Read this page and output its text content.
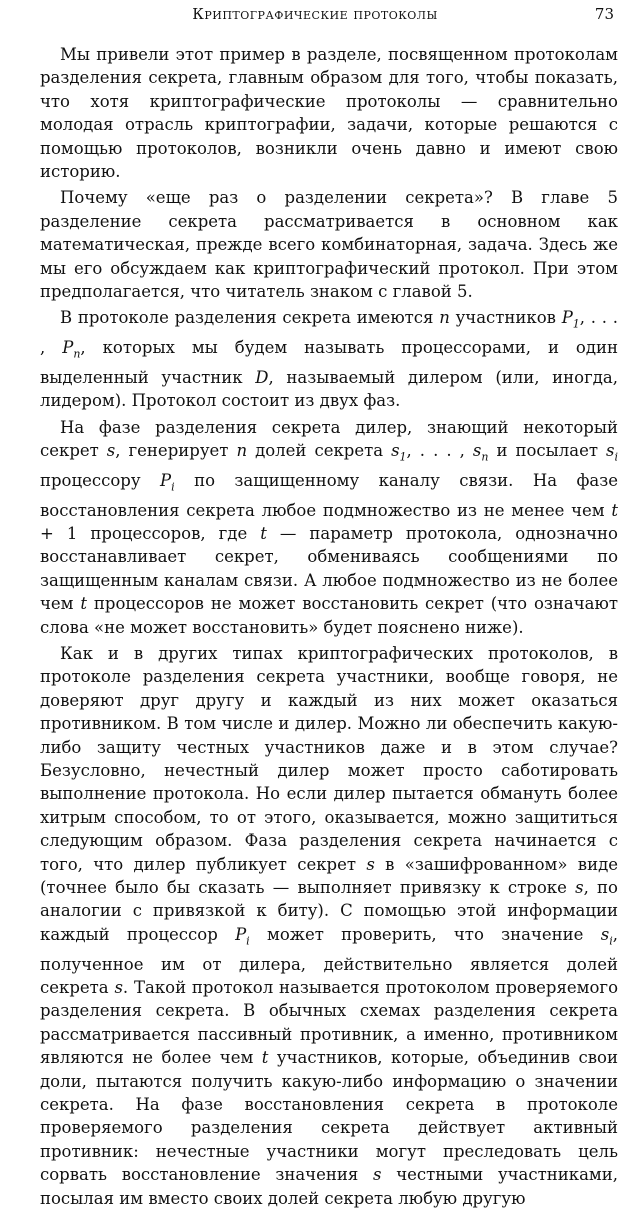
Криптографические протоколы	73

Мы привели этот пример в разделе, посвященном протоколам разделения секрета, главным образом для того, чтобы показать, что хотя криптографические протоколы — сравнительно молодая отрасль криптографии, задачи, которые решаются с помощью протоколов, возникли очень давно и имеют свою историю.

Почему «еще раз о разделении секрета»? В главе 5 разделение секрета рассматривается в основном как математическая, прежде всего комбинаторная, задача. Здесь же мы его обсуждаем как криптографический протокол. При этом предполагается, что читатель знаком с главой 5.

В протоколе разделения секрета имеются n участников $P_1$, . . . , $P_n$, которых мы будем называть процессорами, и один выделенный участник D, называемый дилером (или, иногда, лидером). Протокол состоит из двух фаз.

На фазе разделения секрета дилер, знающий некоторый секрет s, генерирует n долей секрета $s_1$, . . . , $s_n$ и посылает $s_i$ процессору $P_i$ по защищенному каналу связи. На фазе восстановления секрета любое подмножество из не менее чем t + 1 процессоров, где t — параметр протокола, однозначно восстанавливает секрет, обмениваясь сообщениями по защищенным каналам связи. А любое подмножество из не более чем t процессоров не может восстановить секрет (что означают слова «не может восстановить» будет пояснено ниже).

Как и в других типах криптографических протоколов, в протоколе разделения секрета участники, вообще говоря, не доверяют друг другу и каждый из них может оказаться противником. В том числе и дилер. Можно ли обеспечить какую-либо защиту честных участников даже и в этом случае? Безусловно, нечестный дилер может просто саботировать выполнение протокола. Но если дилер пытается обмануть более хитрым способом, то от этого, оказывается, можно защититься следующим образом. Фаза разделения секрета начинается с того, что дилер публикует секрет s в «зашифрованном» виде (точнее было бы сказать — выполняет привязку к строке s, по аналогии с привязкой к биту). С помощью этой информации каждый процессор $P_i$ может проверить, что значение $s_i$, полученное им от дилера, действительно является долей секрета s. Такой протокол называется протоколом проверяемого разделения секрета. В обычных схемах разделения секрета рассматривается пассивный противник, а именно, противником являются не более чем t участников, которые, объединив свои доли, пытаются получить какую-либо информацию о значении секрета. На фазе восстановления секрета в протоколе проверяемого разделения секрета действует активный противник: нечестные участники могут преследовать цель сорвать восстановление значения s честными участниками, посылая им вместо своих долей секрета любую другую
